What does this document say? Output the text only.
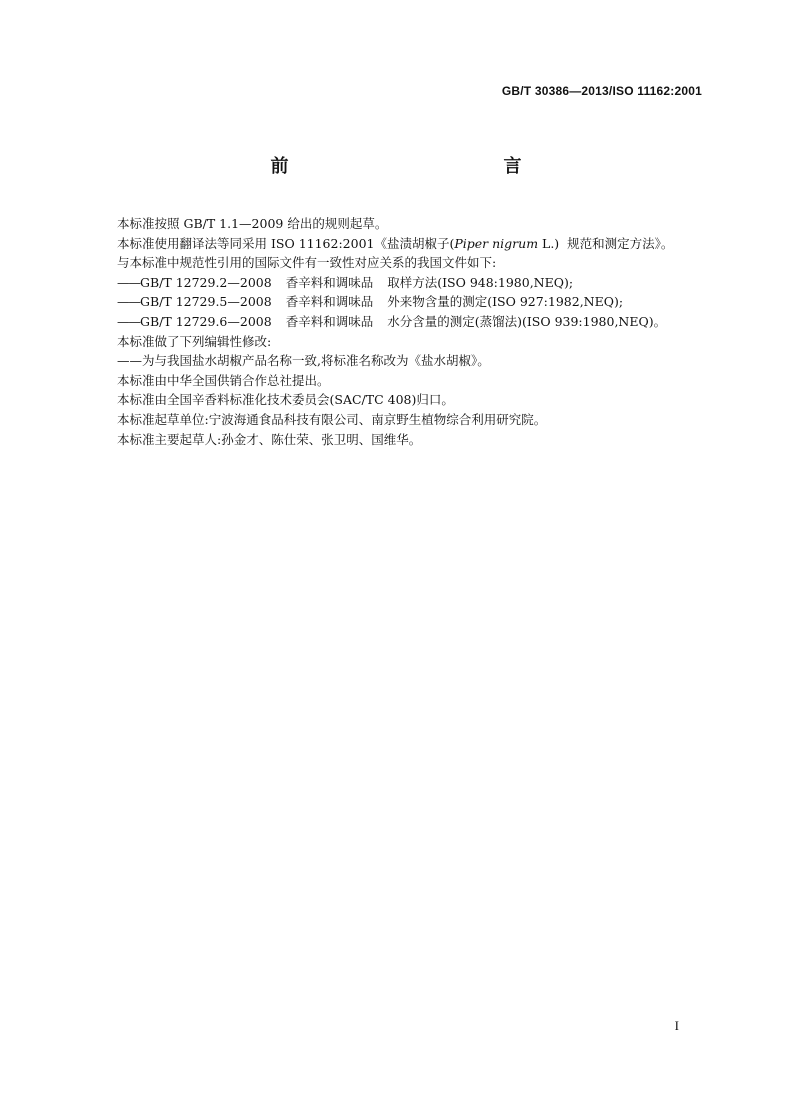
GB/T 30386—2013/ISO 11162:2001
前    言
本标准按照 GB/T 1.1—2009 给出的规则起草。
本标准使用翻译法等同采用 ISO 11162:2001《盐渍胡椒子(Piper nigrum L.)  规范和测定方法》。
与本标准中规范性引用的国际文件有一致性对应关系的我国文件如下:
——GB/T 12729.2—2008 香辛料和调味品 取样方法(ISO 948:1980,NEQ);
——GB/T 12729.5—2008 香辛料和调味品 外来物含量的测定(ISO 927:1982,NEQ);
——GB/T 12729.6—2008 香辛料和调味品 水分含量的测定(蒸馏法)(ISO 939:1980,NEQ)。
本标准做了下列编辑性修改:
——为与我国盐水胡椒产品名称一致,将标准名称改为《盐水胡椒》。
本标准由中华全国供销合作总社提出。
本标准由全国辛香料标准化技术委员会(SAC/TC 408)归口。
本标准起草单位:宁波海通食品科技有限公司、南京野生植物综合利用研究院。
本标准主要起草人:孙金才、陈仕荣、张卫明、国维华。
I
